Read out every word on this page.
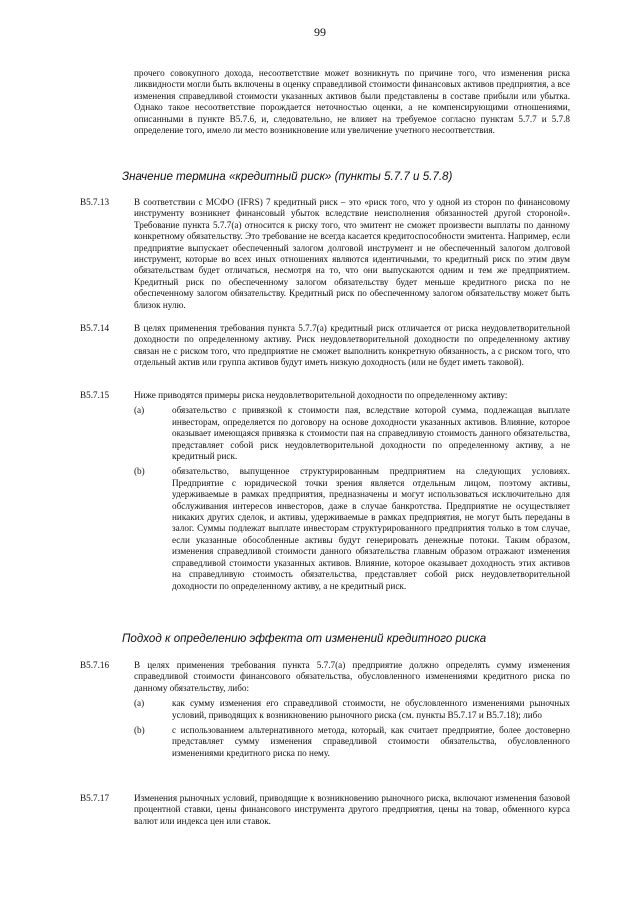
99
прочего совокупного дохода, несоответствие может возникнуть по причине того, что изменения риска ликвидности могли быть включены в оценку справедливой стоимости финансовых активов предприятия, а все изменения справедливой стоимости указанных активов были представлены в составе прибыли или убытка. Однако такое несоответствие порождается неточностью оценки, а не компенсирующими отношениями, описанными в пункте B5.7.6, и, следовательно, не влияет на требуемое согласно пунктам 5.7.7 и 5.7.8 определение того, имело ли место возникновение или увеличение учетного несоответствия.
Значение термина «кредитный риск» (пункты 5.7.7 и 5.7.8)
B5.7.13	В соответствии с МСФО (IFRS) 7 кредитный риск – это «риск того, что у одной из сторон по финансовому инструменту возникнет финансовый убыток вследствие неисполнения обязанностей другой стороной». Требование пункта 5.7.7(a) относится к риску того, что эмитент не сможет произвести выплаты по данному конкретному обязательству. Это требование не всегда касается кредитоспособности эмитента. Например, если предприятие выпускает обеспеченный залогом долговой инструмент и не обеспеченный залогом долговой инструмент, которые во всех иных отношениях являются идентичными, то кредитный риск по этим двум обязательствам будет отличаться, несмотря на то, что они выпускаются одним и тем же предприятием. Кредитный риск по обеспеченному залогом обязательству будет меньше кредитного риска по не обеспеченному залогом обязательству. Кредитный риск по обеспеченному залогом обязательству может быть близок нулю.
B5.7.14	В целях применения требования пункта 5.7.7(a) кредитный риск отличается от риска неудовлетворительной доходности по определенному активу. Риск неудовлетворительной доходности по определенному активу связан не с риском того, что предприятие не сможет выполнить конкретную обязанность, а с риском того, что отдельный актив или группа активов будут иметь низкую доходность (или не будет иметь таковой).
B5.7.15	Ниже приводятся примеры риска неудовлетворительной доходности по определенному активу:
(a)	обязательство с привязкой к стоимости пая, вследствие которой сумма, подлежащая выплате инвесторам, определяется по договору на основе доходности указанных активов. Влияние, которое оказывает имеющаяся привязка к стоимости пая на справедливую стоимость данного обязательства, представляет собой риск неудовлетворительной доходности по определенному активу, а не кредитный риск.
(b)	обязательство, выпущенное структурированным предприятием на следующих условиях. Предприятие с юридической точки зрения является отдельным лицом, поэтому активы, удерживаемые в рамках предприятия, предназначены и могут использоваться исключительно для обслуживания интересов инвесторов, даже в случае банкротства. Предприятие не осуществляет никаких других сделок, и активы, удерживаемые в рамках предприятия, не могут быть переданы в залог. Суммы подлежат выплате инвесторам структурированного предприятия только в том случае, если указанные обособленные активы будут генерировать денежные потоки. Таким образом, изменения справедливой стоимости данного обязательства главным образом отражают изменения справедливой стоимости указанных активов. Влияние, которое оказывает доходность этих активов на справедливую стоимость обязательства, представляет собой риск неудовлетворительной доходности по определенному активу, а не кредитный риск.
Подход к определению эффекта от изменений кредитного риска
B5.7.16	В целях применения требования пункта 5.7.7(a) предприятие должно определять сумму изменения справедливой стоимости финансового обязательства, обусловленного изменениями кредитного риска по данному обязательству, либо:
(a)	как сумму изменения его справедливой стоимости, не обусловленного изменениями рыночных условий, приводящих к возникновению рыночного риска (см. пункты B5.7.17 и B5.7.18); либо
(b)	с использованием альтернативного метода, который, как считает предприятие, более достоверно представляет сумму изменения справедливой стоимости обязательства, обусловленного изменениями кредитного риска по нему.
B5.7.17	Изменения рыночных условий, приводящие к возникновению рыночного риска, включают изменения базовой процентной ставки, цены финансового инструмента другого предприятия, цены на товар, обменного курса валют или индекса цен или ставок.
